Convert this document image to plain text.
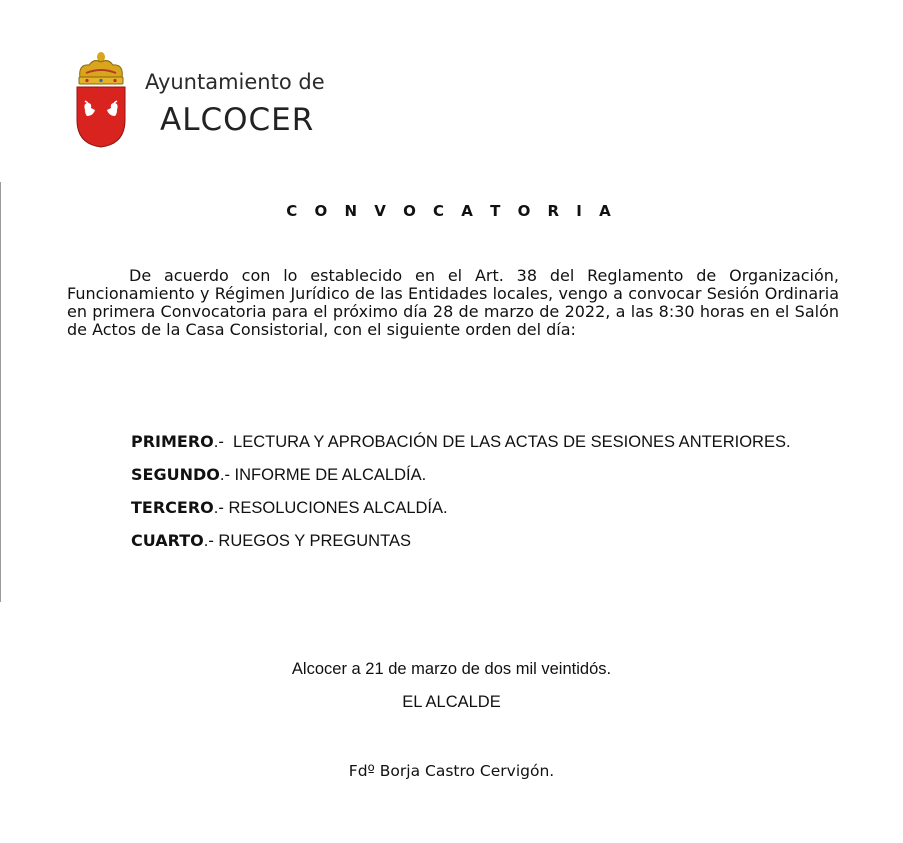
Ayuntamiento de
ALCOCER
C O N V O C A T O R I A

De acuerdo con lo establecido en el Art. 38 del Reglamento de Organización, Funcionamiento y Régimen Jurídico de las Entidades locales, vengo a convocar Sesión Ordinaria en primera Convocatoria para el próximo día 28 de marzo de 2022, a las 8:30 horas en el Salón de Actos de la Casa Consistorial, con el siguiente orden del día:

PRIMERO.-  LECTURA Y APROBACIÓN DE LAS ACTAS DE SESIONES ANTERIORES.

SEGUNDO.- INFORME DE ALCALDÍA.

TERCERO.- RESOLUCIONES ALCALDÍA.

CUARTO.- RUEGOS Y PREGUNTAS

Alcocer a 21 de marzo de dos mil veintidós.
EL ALCALDE
Fdº Borja Castro Cervigón.
